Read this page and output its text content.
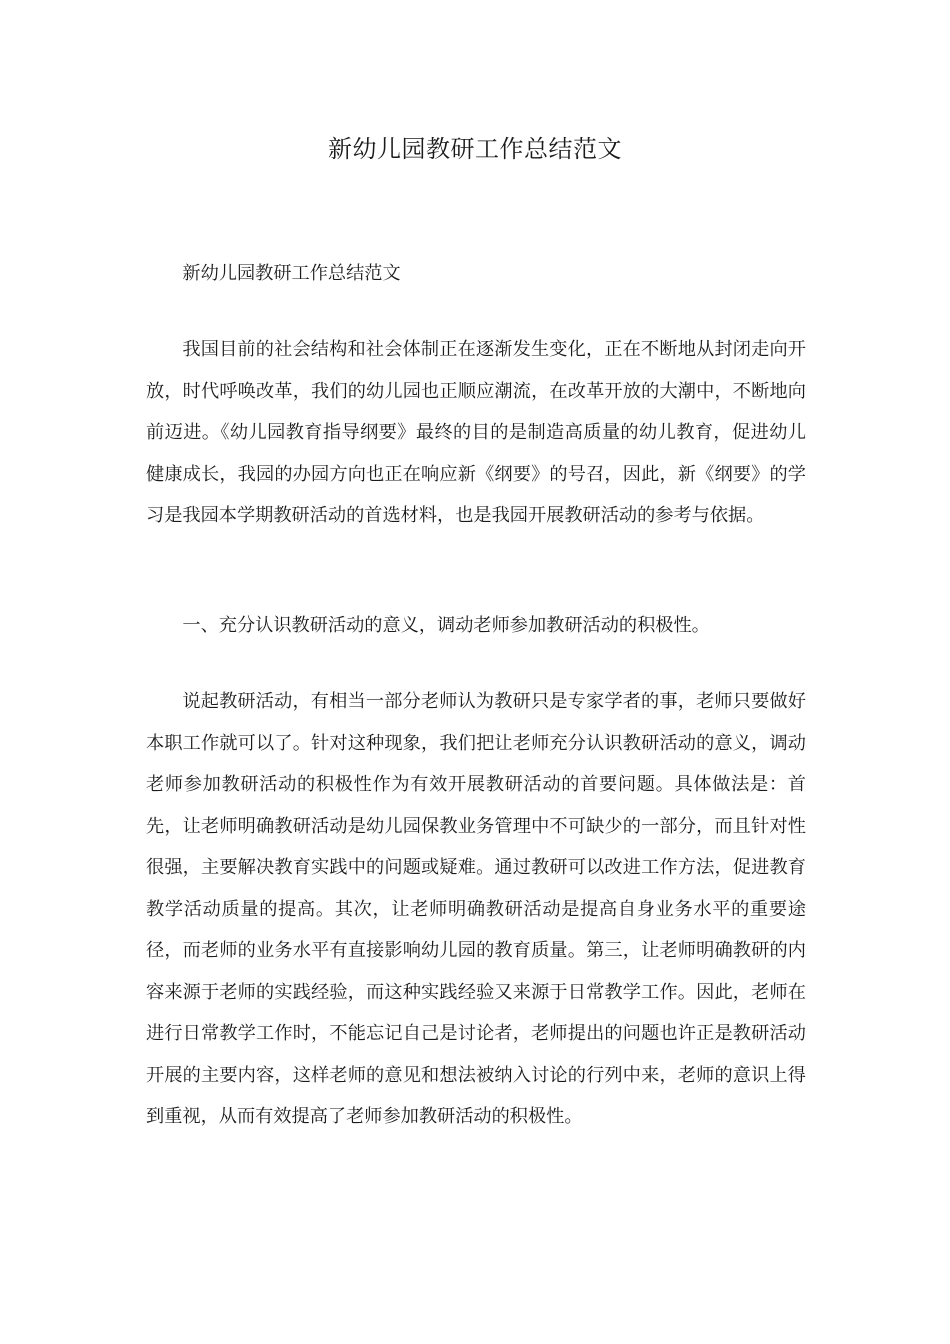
新幼儿园教研工作总结范文

新幼儿园教研工作总结范文

我国目前的社会结构和社会体制正在逐渐发生变化，正在不断地从封闭走向开放，时代呼唤改革，我们的幼儿园也正顺应潮流，在改革开放的大潮中，不断地向前迈进。《幼儿园教育指导纲要》最终的目的是制造高质量的幼儿教育，促进幼儿健康成长，我园的办园方向也正在响应新《纲要》的号召，因此，新《纲要》的学习是我园本学期教研活动的首选材料，也是我园开展教研活动的参考与依据。

一、充分认识教研活动的意义，调动老师参加教研活动的积极性。

说起教研活动，有相当一部分老师认为教研只是专家学者的事，老师只要做好本职工作就可以了。针对这种现象，我们把让老师充分认识教研活动的意义，调动老师参加教研活动的积极性作为有效开展教研活动的首要问题。具体做法是：首先，让老师明确教研活动是幼儿园保教业务管理中不可缺少的一部分，而且针对性很强，主要解决教育实践中的问题或疑难。通过教研可以改进工作方法，促进教育教学活动质量的提高。其次，让老师明确教研活动是提高自身业务水平的重要途径，而老师的业务水平有直接影响幼儿园的教育质量。第三，让老师明确教研的内容来源于老师的实践经验，而这种实践经验又来源于日常教学工作。因此，老师在进行日常教学工作时，不能忘记自己是讨论者，老师提出的问题也许正是教研活动开展的主要内容，这样老师的意见和想法被纳入讨论的行列中来，老师的意识上得到重视，从而有效提高了老师参加教研活动的积极性。
